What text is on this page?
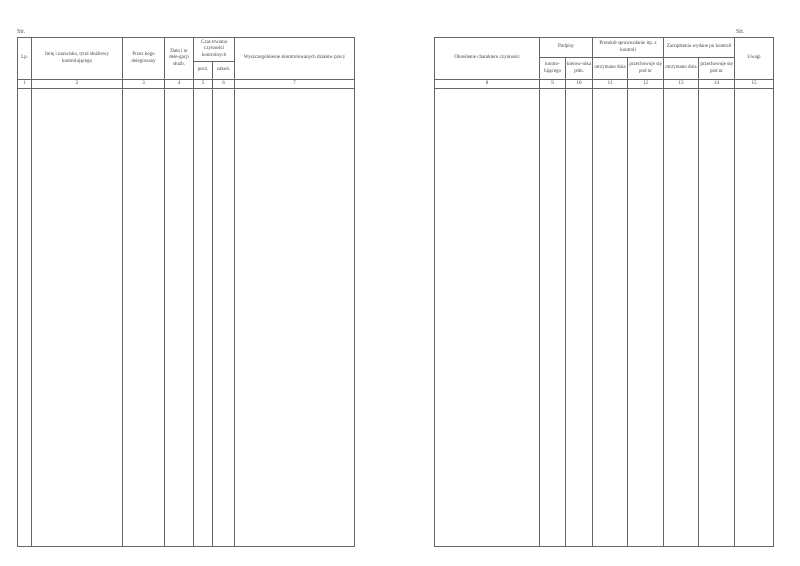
Str.	Str.
Lp.	Imię i nazwisko, tytuł służbowy kontrolującego	Przez kogo delegowany	Data i nr dele-gacji służb.	Czas trwania czynności kontrolnych		Wyszczególnienie skontrolowanych działów pracy
				pocz.	zakoń.	
1	2	3	4	5	6	7

Określenie charakteru czynności	Podpisy		Protokół sprawozdanie itp. z kontroli		Zarządzenia wydane po kontroli		Uwagi
	kontro-lującego	kierow-nika jedn.	otrzymano dnia	przechowuje się pod nr	otrzymano dnia	przechowuje się pod nr	
8	9	10	11	12	13	14	15
